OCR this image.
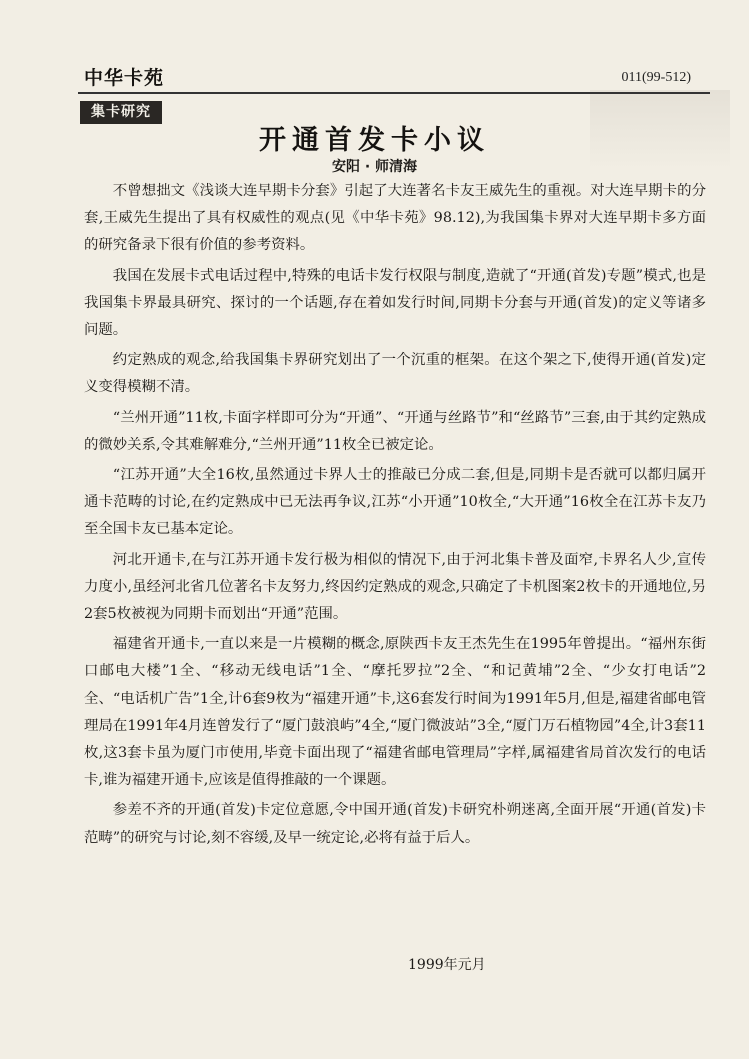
中华卡苑	011(99-512)
集卡研究
开通首发卡小议
安阳 · 师清海

不曾想拙文《浅谈大连早期卡分套》引起了大连著名卡友王威先生的重视。对大连早期卡的分套,王威先生提出了具有权威性的观点(见《中华卡苑》98.12),为我国集卡界对大连早期卡多方面的研究备录下很有价值的参考资料。

我国在发展卡式电话过程中,特殊的电话卡发行权限与制度,造就了“开通(首发)专题”模式,也是我国集卡界最具研究、探讨的一个话题,存在着如发行时间,同期卡分套与开通(首发)的定义等诸多问题。

约定熟成的观念,给我国集卡界研究划出了一个沉重的框架。在这个架之下,使得开通(首发)定义变得模糊不清。

“兰州开通”11枚,卡面字样即可分为“开通”、“开通与丝路节”和“丝路节”三套,由于其约定熟成的微妙关系,令其难解难分,“兰州开通”11枚全已被定论。

“江苏开通”大全16枚,虽然通过卡界人士的推敲已分成二套,但是,同期卡是否就可以都归属开通卡范畴的讨论,在约定熟成中已无法再争议,江苏“小开通”10枚全,“大开通”16枚全在江苏卡友乃至全国卡友已基本定论。

河北开通卡,在与江苏开通卡发行极为相似的情况下,由于河北集卡普及面窄,卡界名人少,宣传力度小,虽经河北省几位著名卡友努力,终因约定熟成的观念,只确定了卡机图案2枚卡的开通地位,另2套5枚被视为同期卡而划出“开通”范围。

福建省开通卡,一直以来是一片模糊的概念,原陕西卡友王杰先生在1995年曾提出。“福州东街口邮电大楼”1全、“移动无线电话”1全、“摩托罗拉”2全、“和记黄埔”2全、“少女打电话”2全、“电话机广告”1全,计6套9枚为“福建开通”卡,这6套发行时间为1991年5月,但是,福建省邮电管理局在1991年4月连曾发行了“厦门鼓浪屿”4全,“厦门微波站”3全,“厦门万石植物园”4全,计3套11枚,这3套卡虽为厦门市使用,毕竟卡面出现了“福建省邮电管理局”字样,属福建省局首次发行的电话卡,谁为福建开通卡,应该是值得推敲的一个课题。

参差不齐的开通(首发)卡定位意愿,令中国开通(首发)卡研究朴朔迷离,全面开展“开通(首发)卡范畴”的研究与讨论,刻不容缓,及早一统定论,必将有益于后人。

1999年元月
